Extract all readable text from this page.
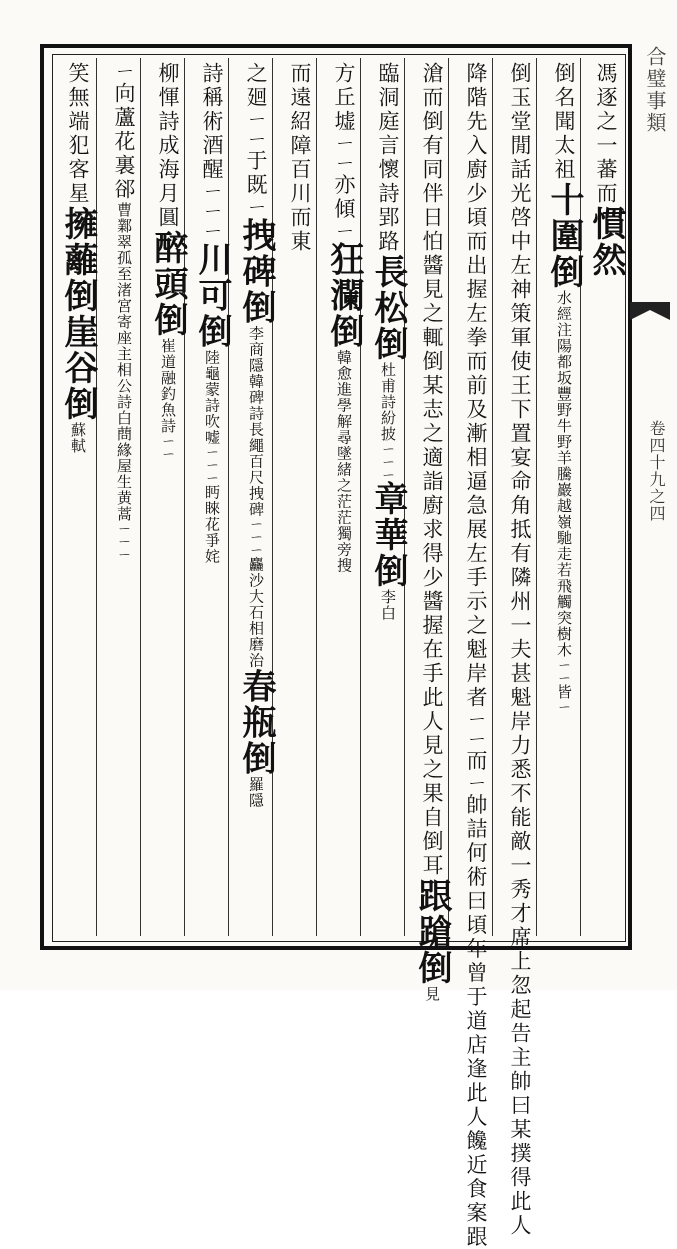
合璧事類
卷四十九之四
馮逐之一蕃而慣然
倒名聞太祖十圍倒水經注陽都坂豐野牛野羊騰巖越嶺馳走若飛觸突樹木ㄧㄧ皆ㄧ
倒玉堂閒話光啓中左神策軍使王下置宴命角抵有隣州一夫甚魁岸力悉不能敵一秀才席上忽起告主帥曰某撲得此人
降階先入廚少頃而出握左拳而前及漸相逼急展左手示之魁岸者ㄧㄧ而ㄧ帥詰何術曰頃年曾于道店逢此人饞近食案跟
滄而倒有同伴日怕醬見之輒倒某志之適詣廚求得少醬握在手此人見之果自倒耳跟蹌倒見
臨洞庭言懷詩郢路長松倒杜甫詩紛披ㄧㄧㄧ章華倒李白
方丘墟ㄧㄧ亦傾ㄧ狂瀾倒韓愈進學解尋墜緒之茫茫獨旁搜
而遠紹障百川而東
之廻ㄧㄧ于既ㄧ拽碑倒李商隱韓碑詩長繩百尺拽碑ㄧㄧㄧ麤沙大石相磨治春瓶倒羅隱
詩稱術酒醒ㄧㄧㄧ川可倒陸龜蒙詩吹嘘ㄧㄧㄧ眄睞花爭姹
柳惲詩成海月圓醉頭倒崔道融釣魚詩ㄧㄧ
ㄧ向蘆花裏郤曹鄴翠孤至渚宮寄座主相公詩白蔄緣屋生黄蒿ㄧㄧㄧ
笑無端犯客星擁蘺倒崖谷倒蘇軾
